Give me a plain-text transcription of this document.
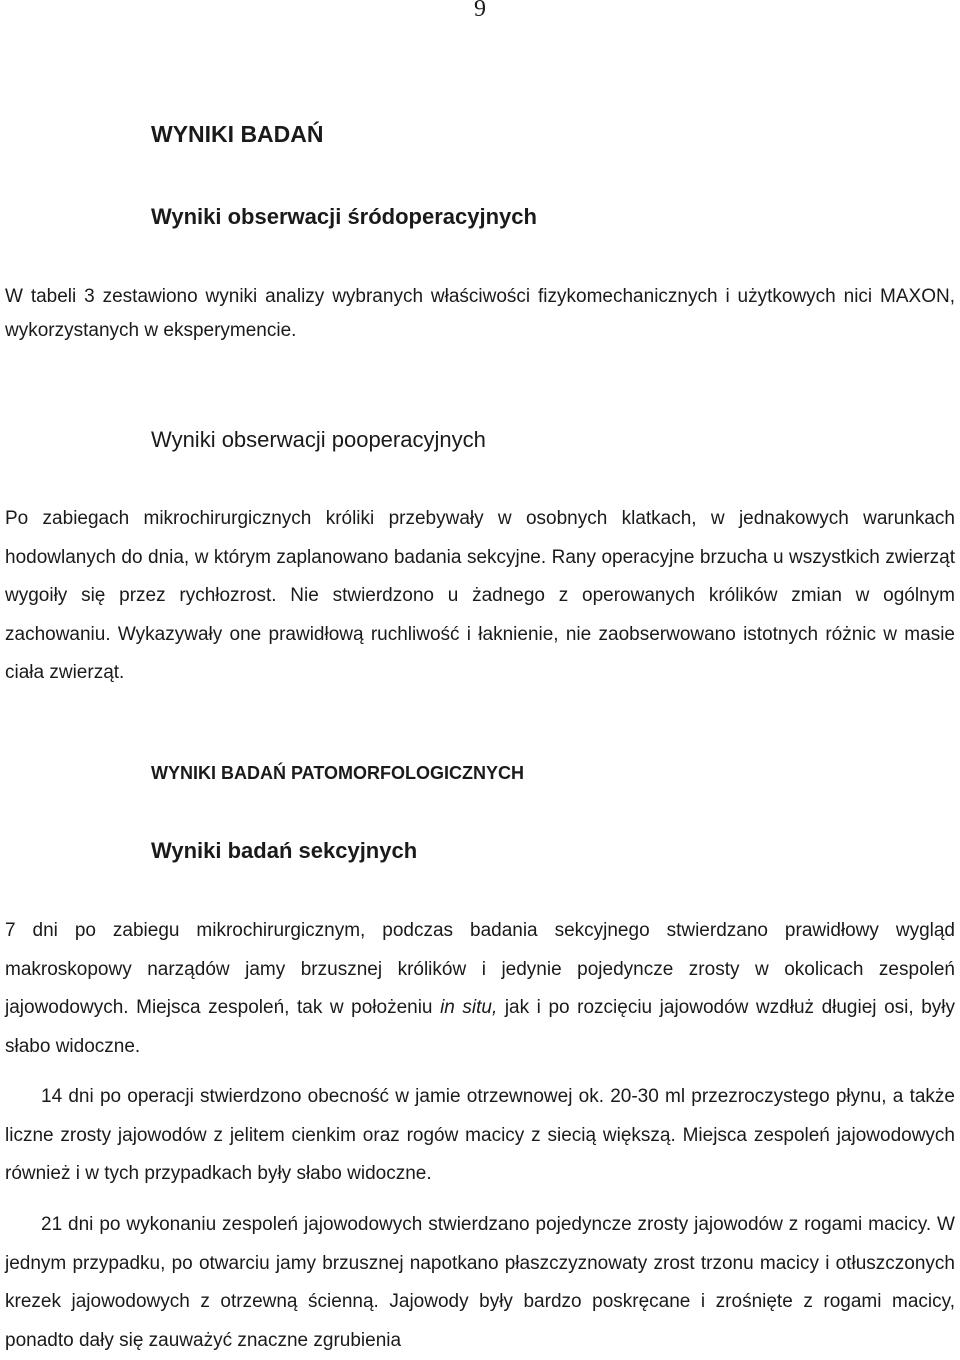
9
WYNIKI BADAŃ
Wyniki obserwacji śródoperacyjnych

W tabeli 3 zestawiono wyniki analizy wybranych właściwości fizykomechanicznych i użytkowych nici MAXON, wykorzystanych w eksperymencie.

Wyniki obserwacji pooperacyjnych

Po zabiegach mikrochirurgicznych króliki przebywały w osobnych klatkach, w jednakowych warunkach hodowlanych do dnia, w którym zaplanowano badania sekcyjne. Rany operacyjne brzucha u wszystkich zwierząt wygoiły się przez rychłozrost. Nie stwierdzono u żadnego z operowanych królików zmian w ogólnym zachowaniu. Wykazywały one prawidłową ruchliwość i łaknienie, nie zaobserwowano istotnych różnic w masie ciała zwierząt.

WYNIKI BADAŃ PATOMORFOLOGICZNYCH
Wyniki badań sekcyjnych

7 dni po zabiegu mikrochirurgicznym, podczas badania sekcyjnego stwierdzano prawidłowy wygląd makroskopowy narządów jamy brzusznej królików i jedynie pojedyncze zrosty w okolicach zespoleń jajowodowych. Miejsca zespoleń, tak w położeniu in situ, jak i po rozcięciu jajowodów wzdłuż długiej osi, były słabo widoczne.

14 dni po operacji stwierdzono obecność w jamie otrzewnowej ok. 20-30 ml przezroczystego płynu, a także liczne zrosty jajowodów z jelitem cienkim oraz rogów macicy z siecią większą. Miejsca zespoleń jajowodowych również i w tych przypadkach były słabo widoczne.

21 dni po wykonaniu zespoleń jajowodowych stwierdzano pojedyncze zrosty jajowodów z rogami macicy. W jednym przypadku, po otwarciu jamy brzusznej napotkano płaszczyznowaty zrost trzonu macicy i otłuszczonych krezek jajowodowych z otrzewną ścienną. Jajowody były bardzo poskręcane i zrośnięte z rogami macicy, ponadto dały się zauważyć znaczne zgrubienia
